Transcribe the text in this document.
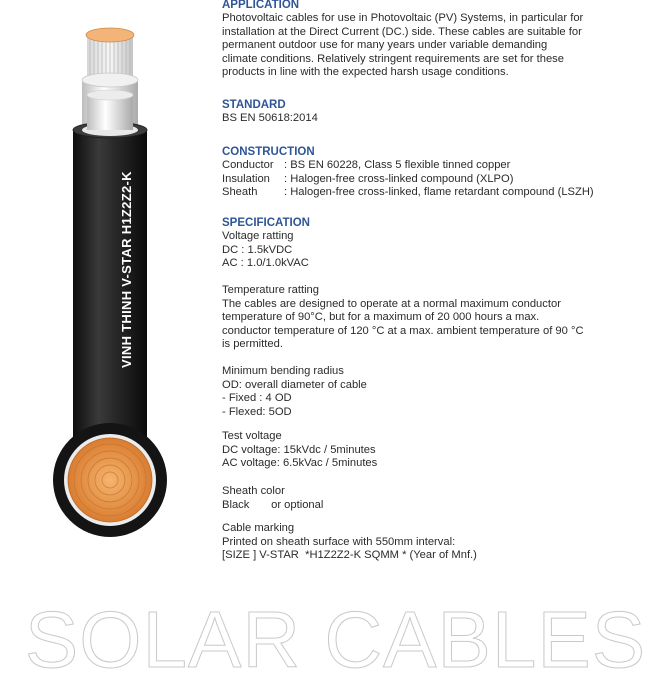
VINH THINH V-STAR H1Z2Z2-K
APPLICATION
Photovoltaic cables for use in Photovoltaic (PV) Systems, in particular for
installation at the Direct Current (DC.) side. These cables are suitable for
permanent outdoor use for many years under variable demanding
climate conditions. Relatively stringent requirements are set for these
products in line with the expected harsh usage conditions.
STANDARD
BS EN 50618:2014
CONSTRUCTION
Conductor : BS EN 60228, Class 5 flexible tinned copper
Insulation : Halogen-free cross-linked compound (XLPO)
Sheath : Halogen-free cross-linked, flame retardant compound (LSZH)
SPECIFICATION
Voltage ratting
DC : 1.5kVDC
AC : 1.0/1.0kVAC
Temperature ratting
The cables are designed to operate at a normal maximum conductor
temperature of 90°C, but for a maximum of 20 000 hours a max.
conductor temperature of 120 °C at a max. ambient temperature of 90 °C
is permitted.
Minimum bending radius
OD: overall diameter of cable
- Fixed : 4 OD
- Flexed: 5OD
Test voltage
DC voltage: 15kVdc / 5minutes
AC voltage: 6.5kVac / 5minutes
Sheath color
Black       or optional
Cable marking
Printed on sheath surface with 550mm interval:
[SIZE ] V-STAR  *H1Z2Z2-K SQMM * (Year of Mnf.)
SOLAR CABLES
